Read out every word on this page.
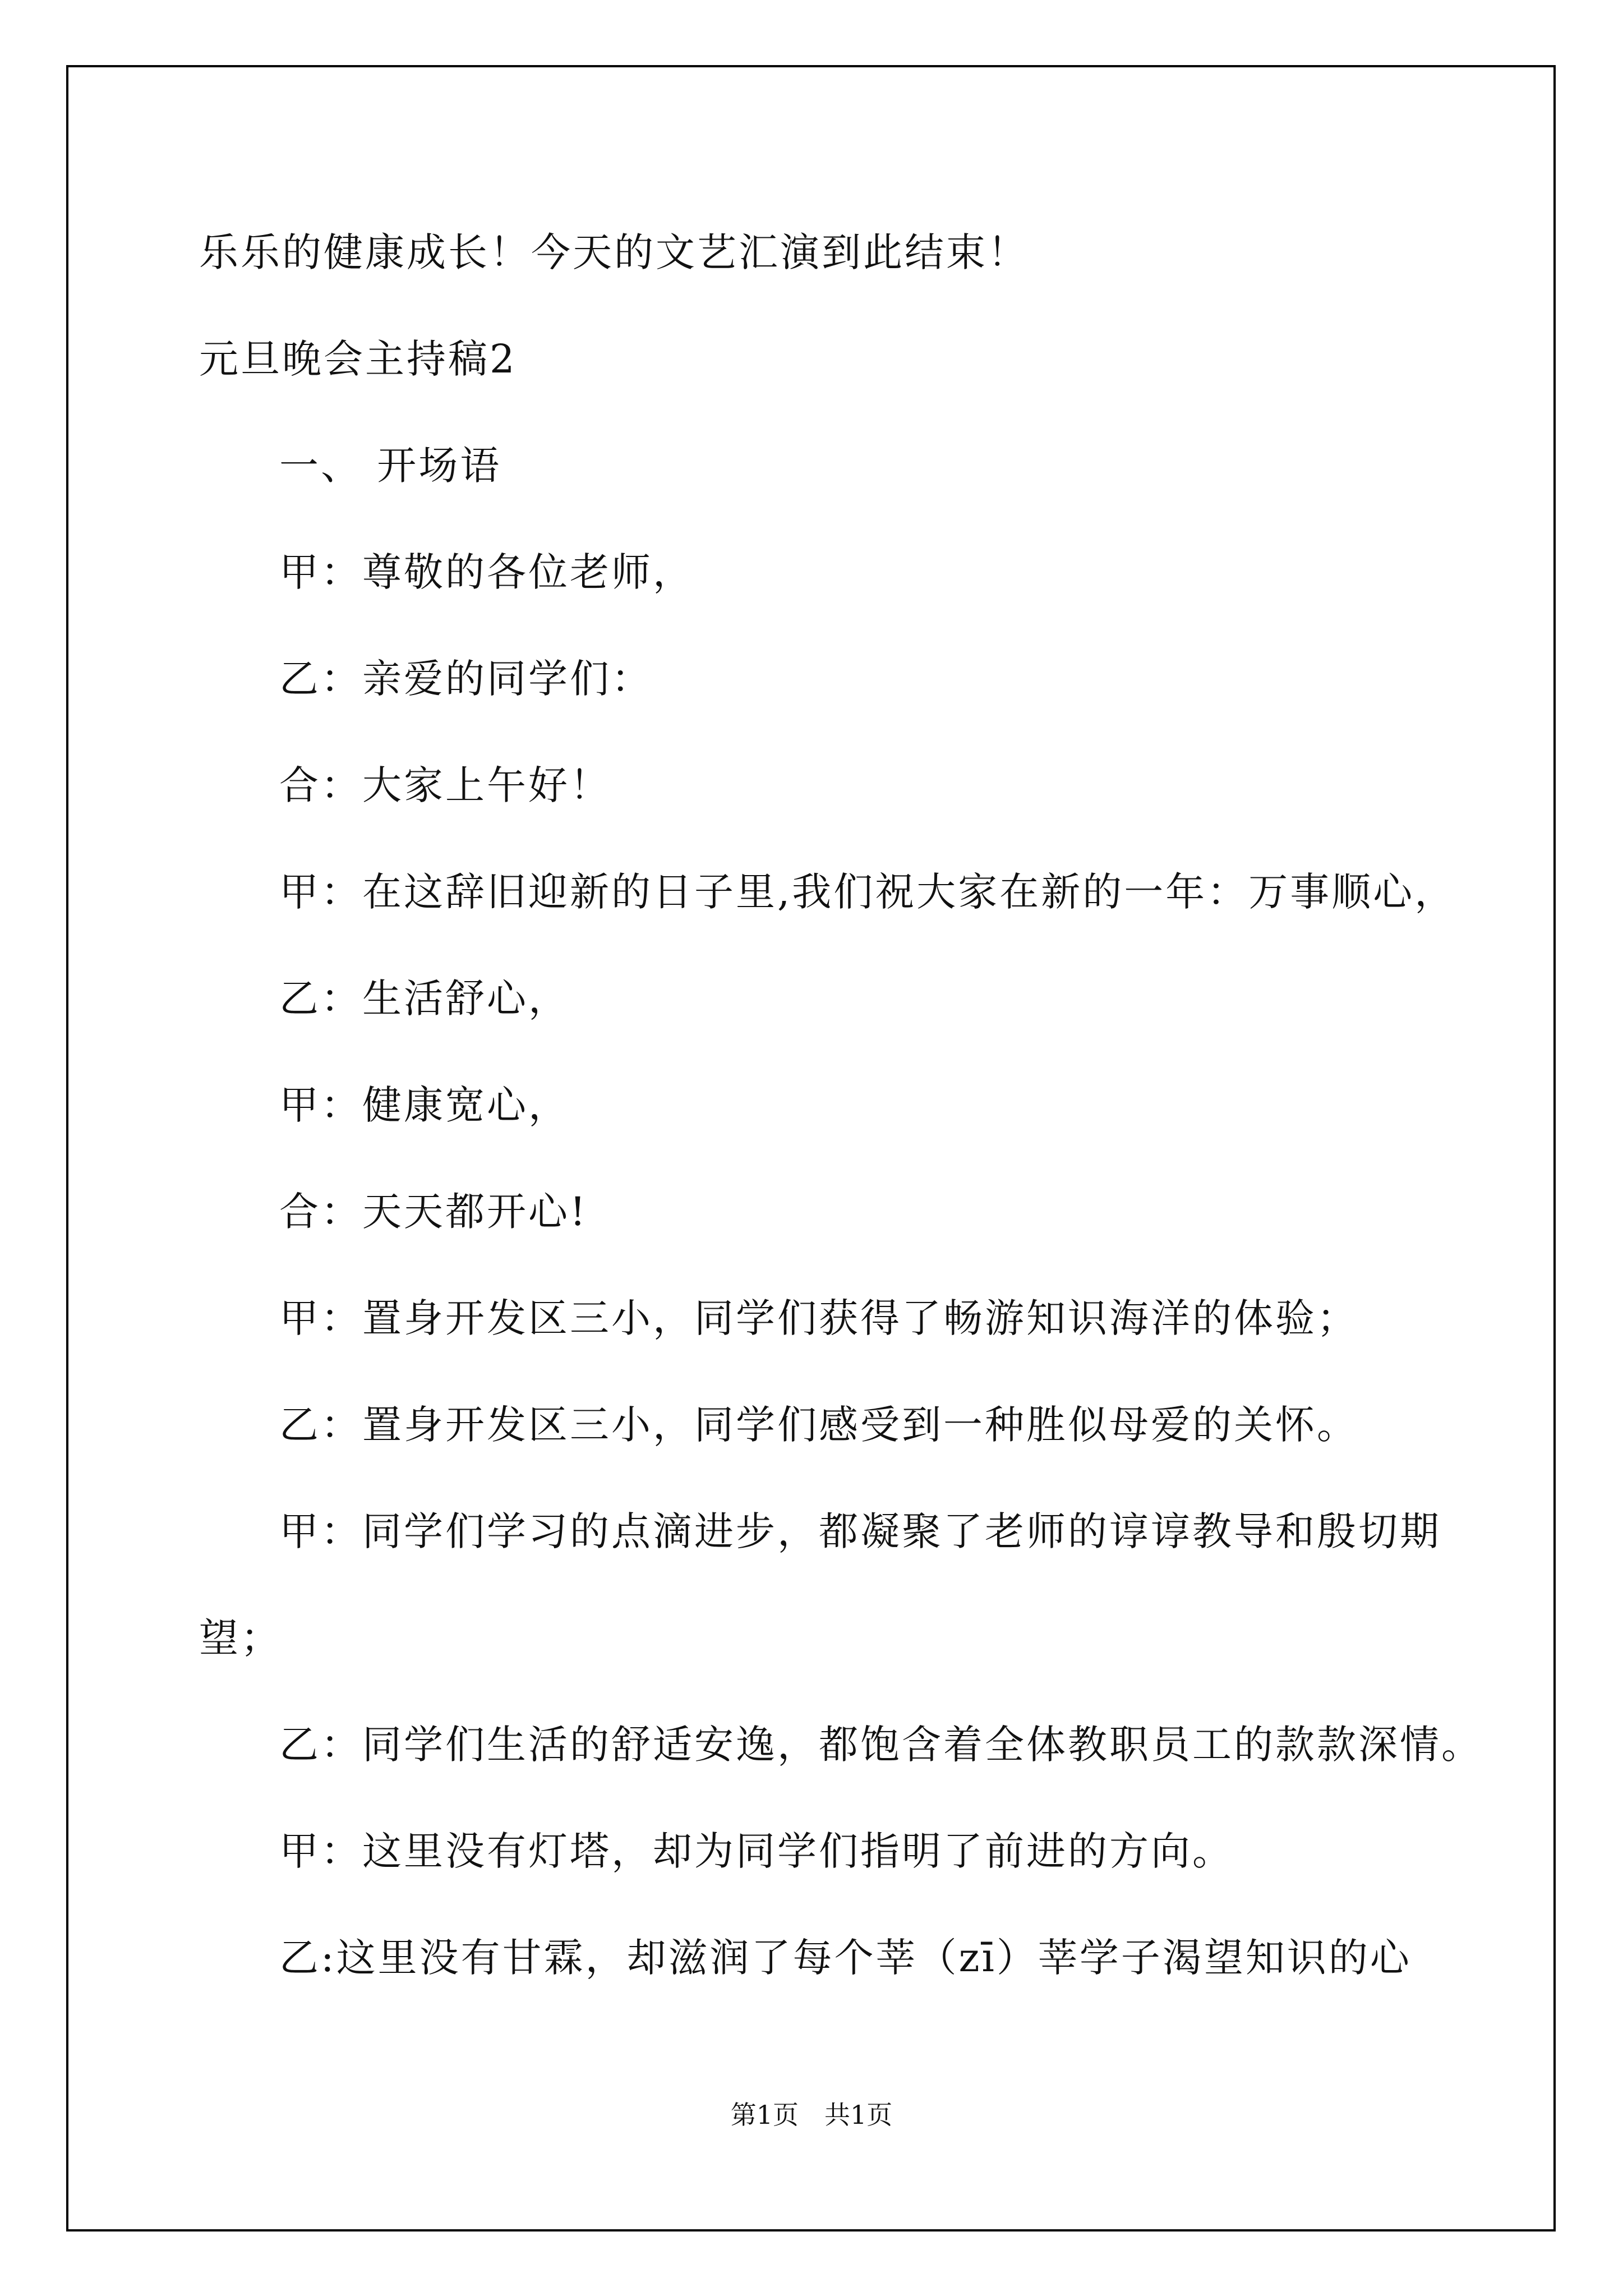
乐乐的健康成长！今天的文艺汇演到此结束！
元旦晚会主持稿2
一、 开场语
甲：尊敬的各位老师，
乙：亲爱的同学们：
合：大家上午好！
甲：在这辞旧迎新的日子里,我们祝大家在新的一年：万事顺心，
乙：生活舒心，
甲：健康宽心，
合：天天都开心!
甲：置身开发区三小，同学们获得了畅游知识海洋的体验；
乙：置身开发区三小，同学们感受到一种胜似母爱的关怀。
甲：同学们学习的点滴进步，都凝聚了老师的谆谆教导和殷切期
望；
乙：同学们生活的舒适安逸，都饱含着全体教职员工的款款深情。
甲：这里没有灯塔，却为同学们指明了前进的方向。
乙:这里没有甘霖，却滋润了每个莘（zī）莘学子渴望知识的心
第1页　共1页
